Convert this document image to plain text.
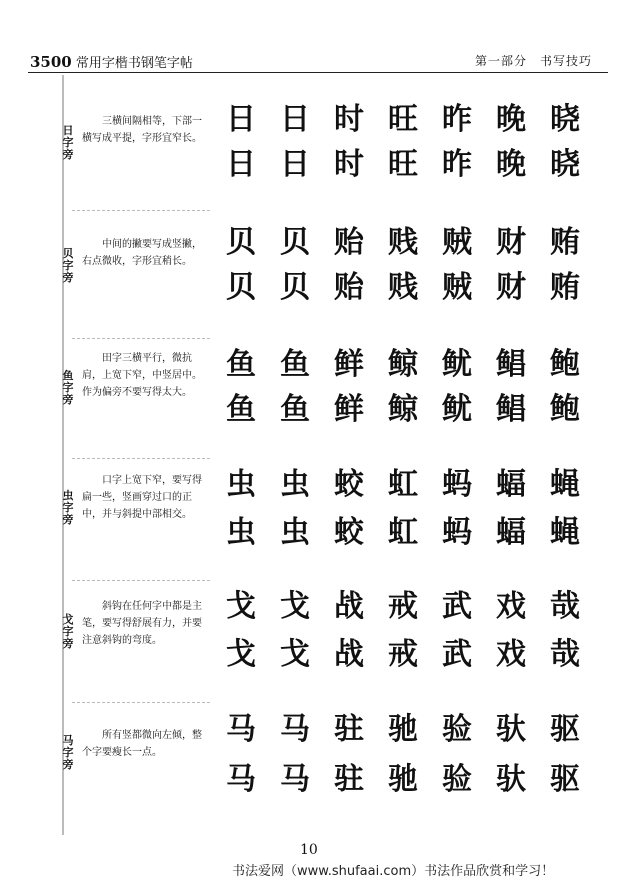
3500 常用字楷书钢笔字帖	第一部分　书写技巧
日字旁
三横间隔相等，下部一横写成平提，字形宜窄长。
日 日 时 旺 昨 晚 晓
日 日 时 旺 昨 晚 晓
贝字旁
中间的撇要写成竖撇，右点微收，字形宜稍长。
贝 贝 贻 贱 贼 财 贿
贝 贝 贻 贱 贼 财 贿
鱼字旁
田字三横平行，微抗肩，上宽下窄，中竖居中。作为偏旁不要写得太大。
鱼 鱼 鲜 鲸 鱿 鲳 鲍
鱼 鱼 鲜 鲸 鱿 鲳 鲍
虫字旁
口字上宽下窄，要写得扁一些，竖画穿过口的正中，并与斜提中部相交。
虫 虫 蛟 虹 蚂 蝠 蝇
虫 虫 蛟 虹 蚂 蝠 蝇
戈字旁
斜钩在任何字中都是主笔，要写得舒展有力，并要注意斜钩的弯度。
戈 戈 战 戒 武 戏 哉
戈 戈 战 戒 武 戏 哉
马字旁
所有竖都微向左倾，整个字要瘦长一点。
马 马 驻 驰 验 驮 驱
马 马 驻 驰 验 驮 驱
10
书法爱网（www.shufaai.com）书法作品欣赏和学习！
